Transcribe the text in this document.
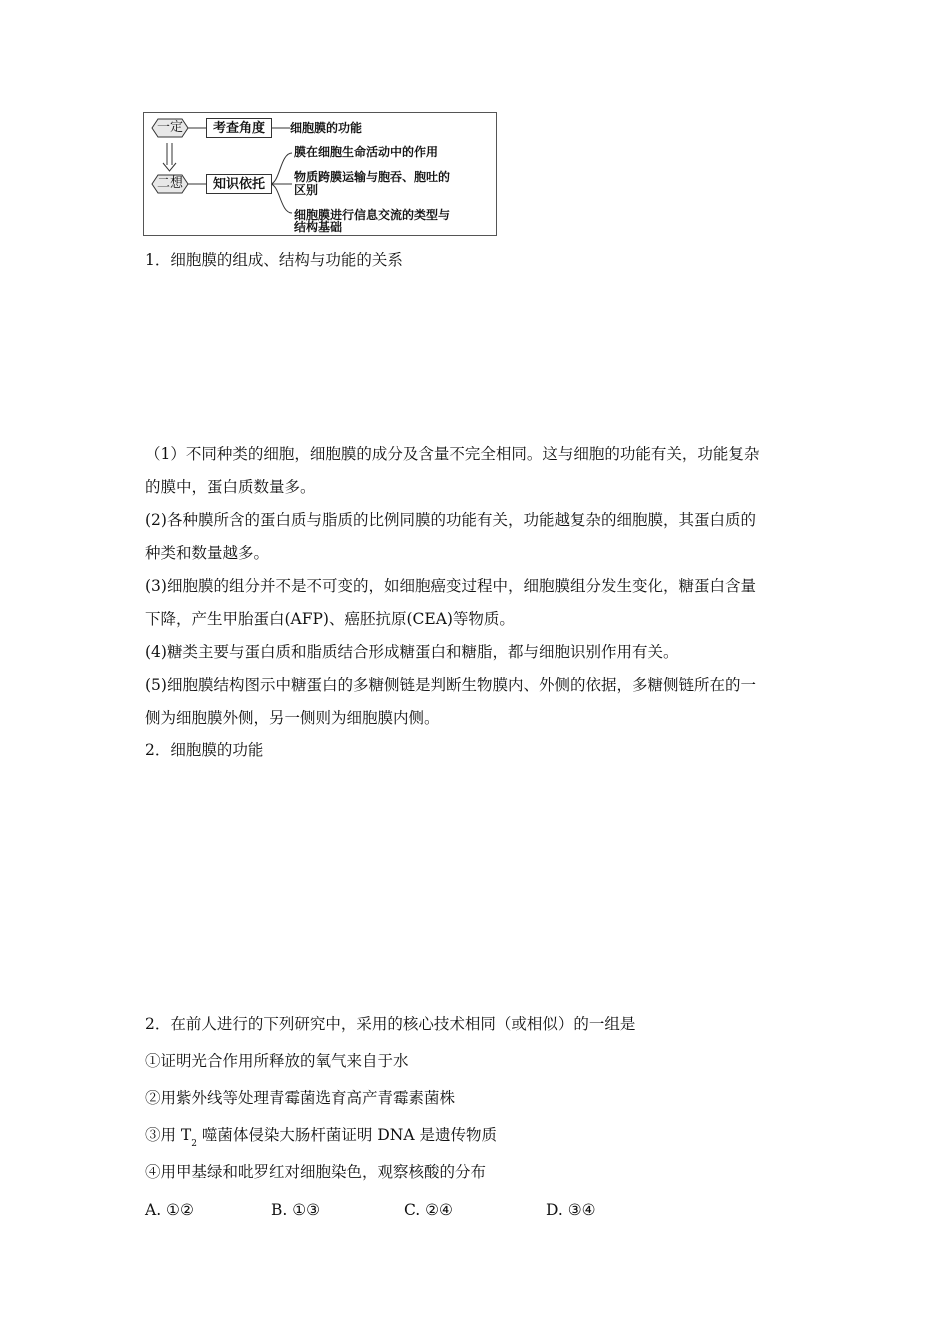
一定
二想
考查角度	细胞膜的功能
知识依托
膜在细胞生命活动中的作用
物质跨膜运输与胞吞、胞吐的
区别
细胞膜进行信息交流的类型与
结构基础
1．细胞膜的组成、结构与功能的关系
（1）不同种类的细胞，细胞膜的成分及含量不完全相同。这与细胞的功能有关，功能复杂
的膜中，蛋白质数量多。
(2)各种膜所含的蛋白质与脂质的比例同膜的功能有关，功能越复杂的细胞膜，其蛋白质的
种类和数量越多。
(3)细胞膜的组分并不是不可变的，如细胞癌变过程中，细胞膜组分发生变化，糖蛋白含量
下降，产生甲胎蛋白(AFP)、癌胚抗原(CEA)等物质。
(4)糖类主要与蛋白质和脂质结合形成糖蛋白和糖脂，都与细胞识别作用有关。
(5)细胞膜结构图示中糖蛋白的多糖侧链是判断生物膜内、外侧的依据，多糖侧链所在的一
侧为细胞膜外侧，另一侧则为细胞膜内侧。
2．细胞膜的功能
2．在前人进行的下列研究中，采用的核心技术相同（或相似）的一组是
①证明光合作用所释放的氧气来自于水
②用紫外线等处理青霉菌选育高产青霉素菌株
③用 $T_2$ 噬菌体侵染大肠杆菌证明 DNA 是遗传物质
④用甲基绿和吡罗红对细胞染色，观察核酸的分布
A. ①②	B. ①③	C. ②④	D. ③④
